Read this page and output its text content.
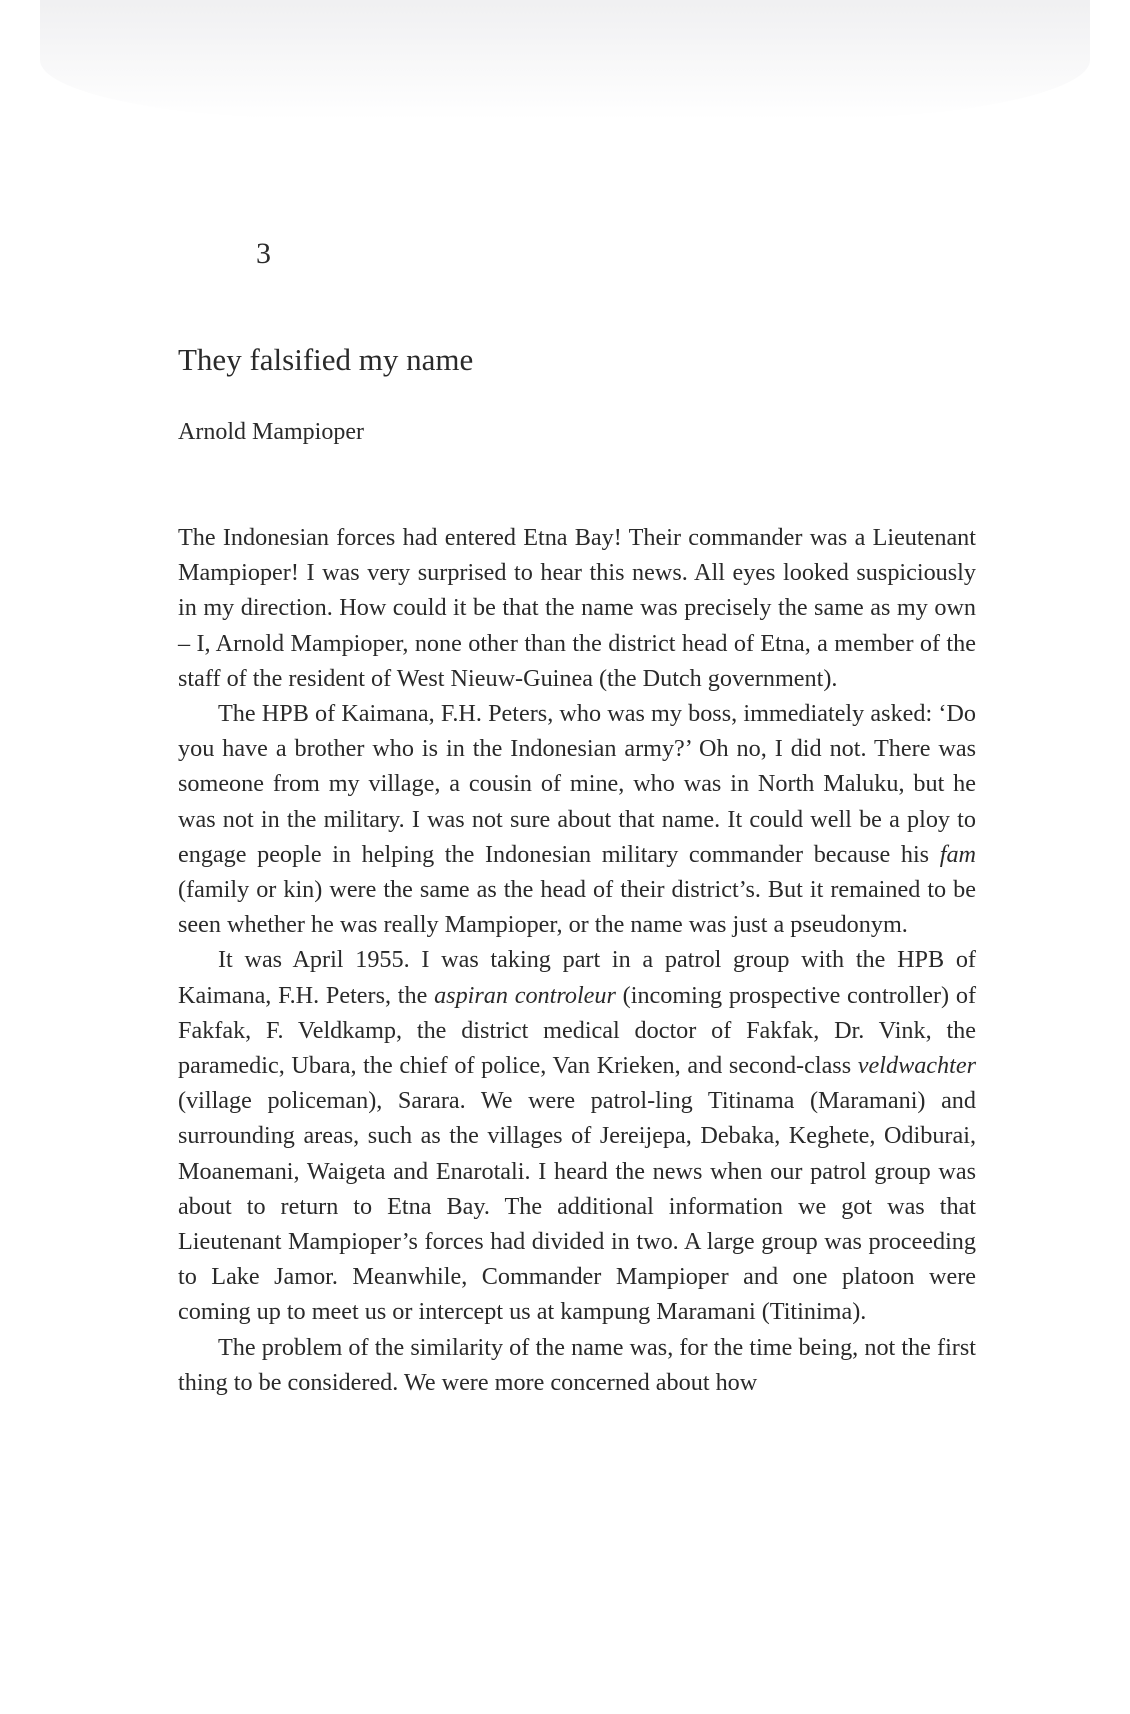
3
They falsified my name
Arnold Mampioper

The Indonesian forces had entered Etna Bay! Their commander was a Lieutenant Mampioper! I was very surprised to hear this news. All eyes looked suspiciously in my direction. How could it be that the name was precisely the same as my own – I, Arnold Mampioper, none other than the district head of Etna, a member of the staff of the resident of West Nieuw-Guinea (the Dutch government).

The HPB of Kaimana, F.H. Peters, who was my boss, immediately asked: ‘Do you have a brother who is in the Indonesian army?’ Oh no, I did not. There was someone from my village, a cousin of mine, who was in North Maluku, but he was not in the military. I was not sure about that name. It could well be a ploy to engage people in helping the Indonesian military commander because his fam (family or kin) were the same as the head of their district’s. But it remained to be seen whether he was really Mampioper, or the name was just a pseudonym.

It was April 1955. I was taking part in a patrol group with the HPB of Kaimana, F.H. Peters, the aspiran controleur (incoming prospective controller) of Fakfak, F. Veldkamp, the district medical doctor of Fakfak, Dr. Vink, the paramedic, Ubara, the chief of police, Van Krieken, and second-class veldwachter (village policeman), Sarara. We were patrol-ling Titinama (Maramani) and surrounding areas, such as the villages of Jereijepa, Debaka, Keghete, Odiburai, Moanemani, Waigeta and Enarotali. I heard the news when our patrol group was about to return to Etna Bay. The additional information we got was that Lieutenant Mampioper’s forces had divided in two. A large group was proceeding to Lake Jamor. Meanwhile, Commander Mampioper and one platoon were coming up to meet us or intercept us at kampung Maramani (Titinima).

The problem of the similarity of the name was, for the time being, not the first thing to be considered. We were more concerned about how
